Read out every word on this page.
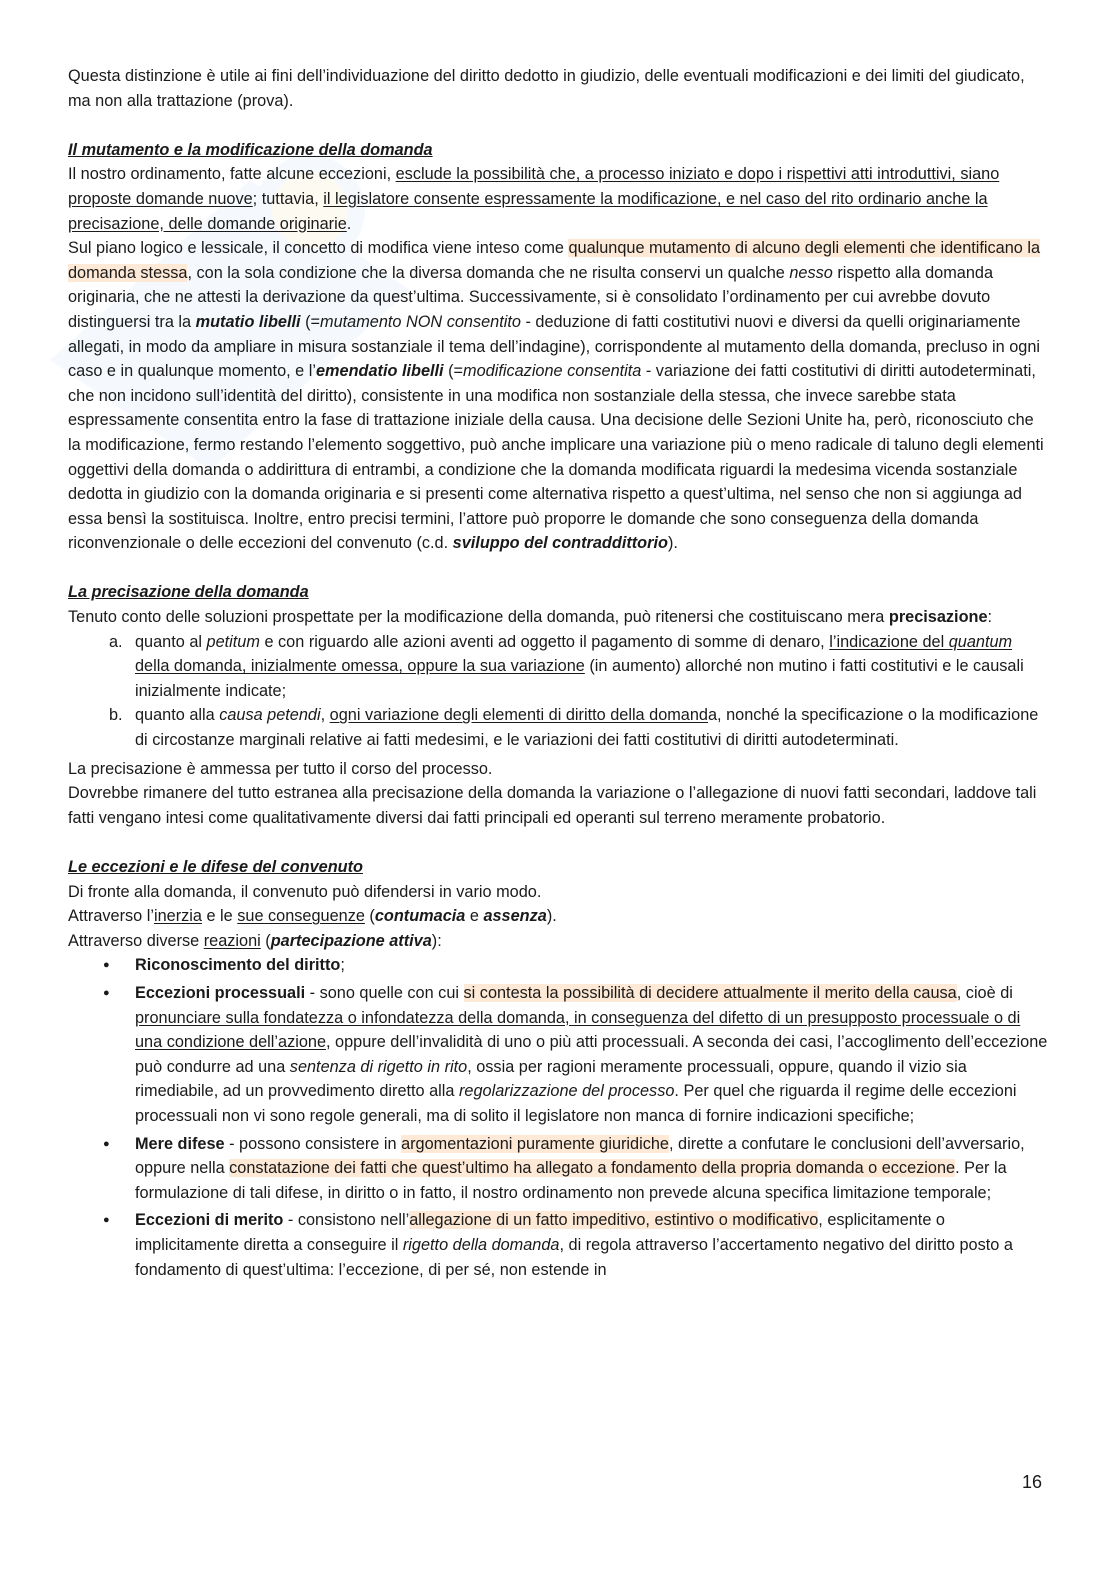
Questa distinzione è utile ai fini dell’individuazione del diritto dedotto in giudizio, delle eventuali modificazioni e dei limiti del giudicato, ma non alla trattazione (prova).

Il mutamento e la modificazione della domanda

Il nostro ordinamento, fatte alcune eccezioni, esclude la possibilità che, a processo iniziato e dopo i rispettivi atti introduttivi, siano proposte domande nuove; tuttavia, il legislatore consente espressamente la modificazione, e nel caso del rito ordinario anche la precisazione, delle domande originarie.

Sul piano logico e lessicale, il concetto di modifica viene inteso come qualunque mutamento di alcuno degli elementi che identificano la domanda stessa, con la sola condizione che la diversa domanda che ne risulta conservi un qualche nesso rispetto alla domanda originaria, che ne attesti la derivazione da quest’ultima. Successivamente, si è consolidato l’ordinamento per cui avrebbe dovuto distinguersi tra la mutatio libelli (=mutamento NON consentito - deduzione di fatti costitutivi nuovi e diversi da quelli originariamente allegati, in modo da ampliare in misura sostanziale il tema dell’indagine), corrispondente al mutamento della domanda, precluso in ogni caso e in qualunque momento, e l’emendatio libelli (=modificazione consentita - variazione dei fatti costitutivi di diritti autodeterminati, che non incidono sull’identità del diritto), consistente in una modifica non sostanziale della stessa, che invece sarebbe stata espressamente consentita entro la fase di trattazione iniziale della causa. Una decisione delle Sezioni Unite ha, però, riconosciuto che la modificazione, fermo restando l’elemento soggettivo, può anche implicare una variazione più o meno radicale di taluno degli elementi oggettivi della domanda o addirittura di entrambi, a condizione che la domanda modificata riguardi la medesima vicenda sostanziale dedotta in giudizio con la domanda originaria e si presenti come alternativa rispetto a quest’ultima, nel senso che non si aggiunga ad essa bensì la sostituisca. Inoltre, entro precisi termini, l’attore può proporre le domande che sono conseguenza della domanda riconvenzionale o delle eccezioni del convenuto (c.d. sviluppo del contraddittorio).

La precisazione della domanda

Tenuto conto delle soluzioni prospettate per la modificazione della domanda, può ritenersi che costituiscano mera precisazione:

a. quanto al petitum e con riguardo alle azioni aventi ad oggetto il pagamento di somme di denaro, l’indicazione del quantum della domanda, inizialmente omessa, oppure la sua variazione (in aumento) allorché non mutino i fatti costitutivi e le causali inizialmente indicate;
b. quanto alla causa petendi, ogni variazione degli elementi di diritto della domanda, nonché la specificazione o la modificazione di circostanze marginali relative ai fatti medesimi, e le variazioni dei fatti costitutivi di diritti autodeterminati.

La precisazione è ammessa per tutto il corso del processo.

Dovrebbe rimanere del tutto estranea alla precisazione della domanda la variazione o l’allegazione di nuovi fatti secondari, laddove tali fatti vengano intesi come qualitativamente diversi dai fatti principali ed operanti sul terreno meramente probatorio.

Le eccezioni e le difese del convenuto

Di fronte alla domanda, il convenuto può difendersi in vario modo.

Attraverso l’inerzia e le sue conseguenze (contumacia e assenza).

Attraverso diverse reazioni (partecipazione attiva):

●	Riconoscimento del diritto;
●	Eccezioni processuali - sono quelle con cui si contesta la possibilità di decidere attualmente il merito della causa, cioè di pronunciare sulla fondatezza o infondatezza della domanda, in conseguenza del difetto di un presupposto processuale o di una condizione dell’azione, oppure dell’invalidità di uno o più atti processuali. A seconda dei casi, l’accoglimento dell’eccezione può condurre ad una sentenza di rigetto in rito, ossia per ragioni meramente processuali, oppure, quando il vizio sia rimediabile, ad un provvedimento diretto alla regolarizzazione del processo. Per quel che riguarda il regime delle eccezioni processuali non vi sono regole generali, ma di solito il legislatore non manca di fornire indicazioni specifiche;
●	Mere difese - possono consistere in argomentazioni puramente giuridiche, dirette a confutare le conclusioni dell’avversario, oppure nella constatazione dei fatti che quest’ultimo ha allegato a fondamento della propria domanda o eccezione. Per la formulazione di tali difese, in diritto o in fatto, il nostro ordinamento non prevede alcuna specifica limitazione temporale;
●	Eccezioni di merito - consistono nell’allegazione di un fatto impeditivo, estintivo o modificativo, esplicitamente o implicitamente diretta a conseguire il rigetto della domanda, di regola attraverso l’accertamento negativo del diritto posto a fondamento di quest’ultima: l’eccezione, di per sé, non estende in
16
